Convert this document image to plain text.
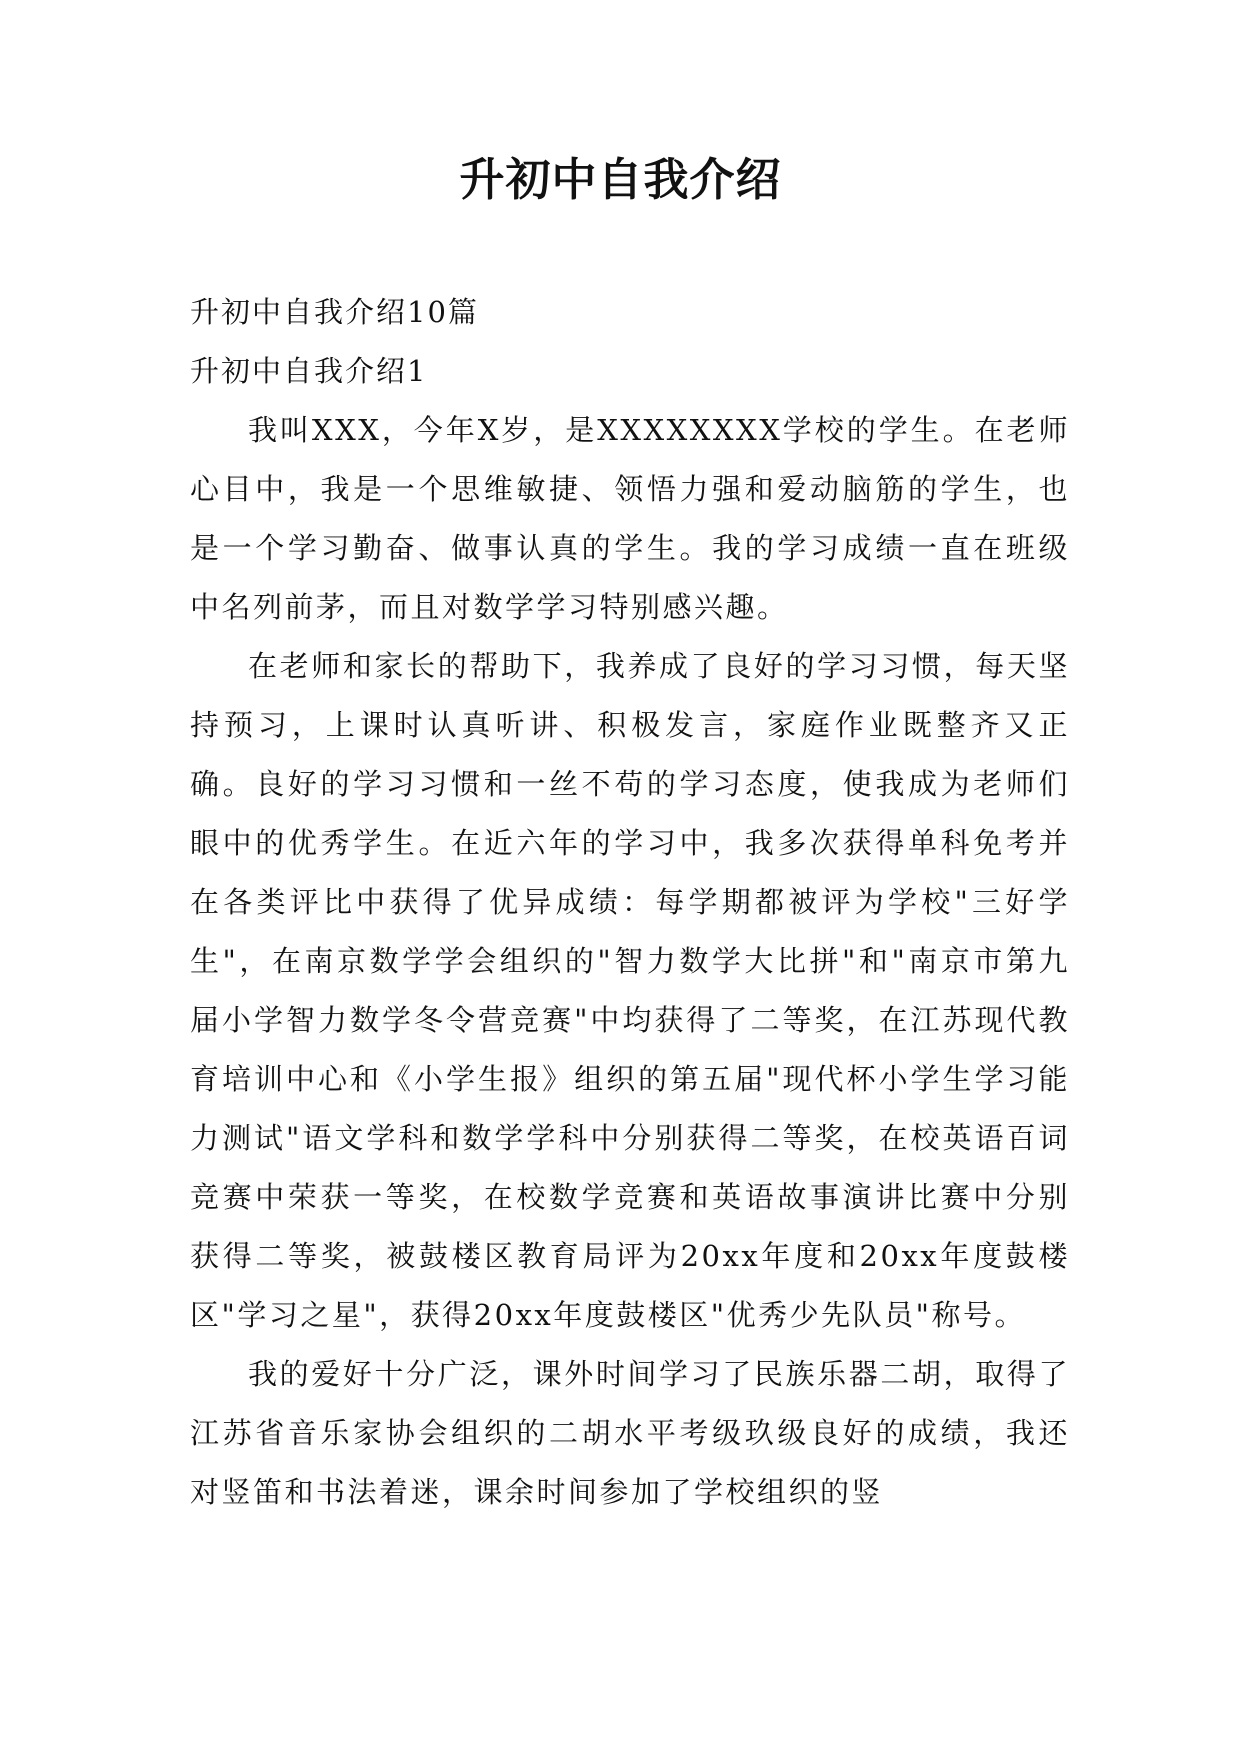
升初中自我介绍

升初中自我介绍10篇

升初中自我介绍1

我叫XXX，今年X岁，是XXXXXXXX学校的学生。在老师心目中，我是一个思维敏捷、领悟力强和爱动脑筋的学生，也是一个学习勤奋、做事认真的学生。我的学习成绩一直在班级中名列前茅，而且对数学学习特别感兴趣。

在老师和家长的帮助下，我养成了良好的学习习惯，每天坚持预习，上课时认真听讲、积极发言，家庭作业既整齐又正确。良好的学习习惯和一丝不苟的学习态度，使我成为老师们眼中的优秀学生。在近六年的学习中，我多次获得单科免考并在各类评比中获得了优异成绩：每学期都被评为学校"三好学生"，在南京数学学会组织的"智力数学大比拼"和"南京市第九届小学智力数学冬令营竞赛"中均获得了二等奖，在江苏现代教育培训中心和《小学生报》组织的第五届"现代杯小学生学习能力测试"语文学科和数学学科中分别获得二等奖，在校英语百词竞赛中荣获一等奖，在校数学竞赛和英语故事演讲比赛中分别获得二等奖，被鼓楼区教育局评为20xx年度和20xx年度鼓楼区"学习之星"，获得20xx年度鼓楼区"优秀少先队员"称号。

我的爱好十分广泛，课外时间学习了民族乐器二胡，取得了江苏省音乐家协会组织的二胡水平考级玖级良好的成绩，我还对竖笛和书法着迷，课余时间参加了学校组织的竖
